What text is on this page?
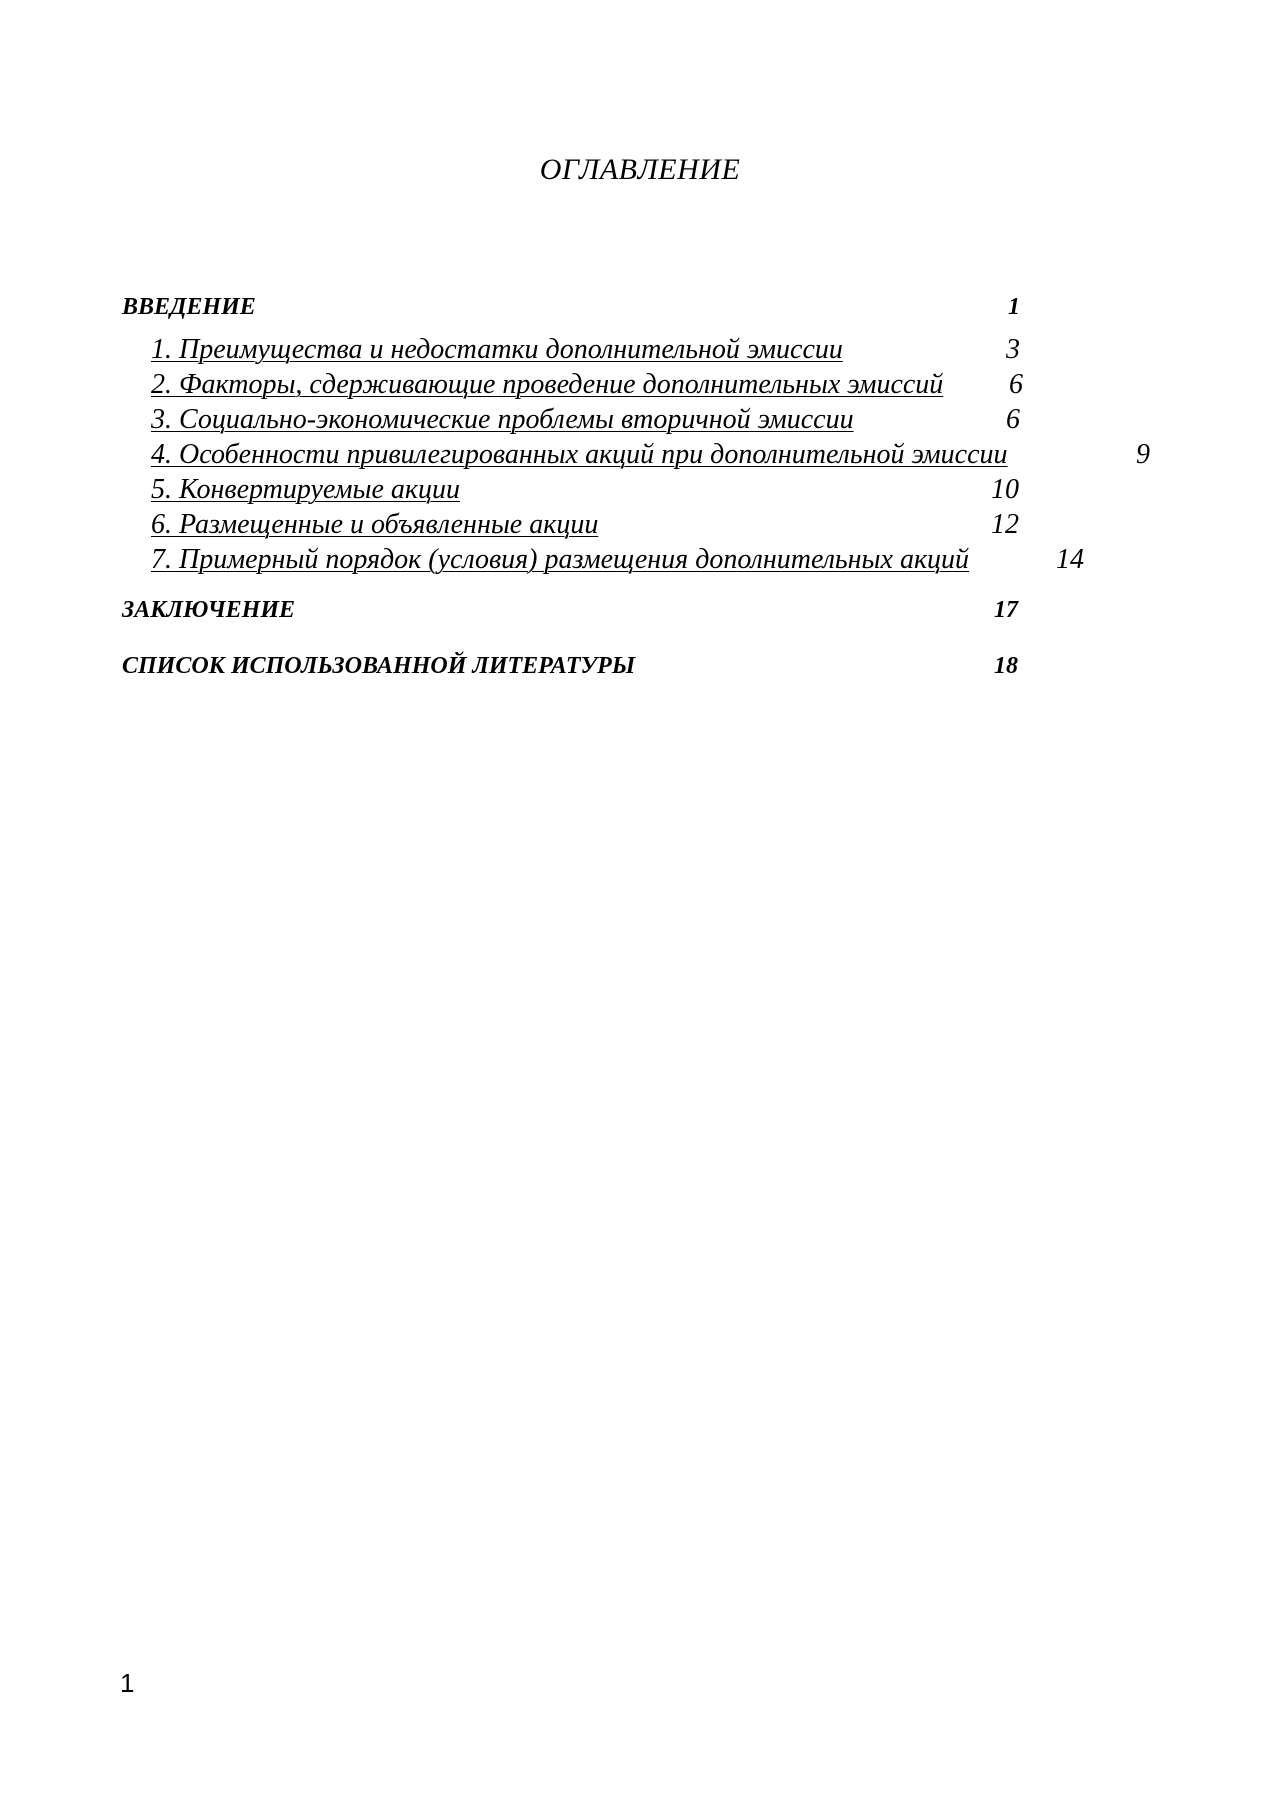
ОГЛАВЛЕНИЕ
ВВЕДЕНИЕ	1
1. Преимущества и недостатки дополнительной эмиссии	3
2. Факторы, сдерживающие проведение дополнительных эмиссий 6
3. Социально-экономические проблемы вторичной эмиссии	6
4. Особенности привилегированных акций при дополнительной эмиссии	9
5. Конвертируемые акции	10
6. Размещенные и объявленные акции	12
7. Примерный порядок (условия) размещения дополнительных акций	14
ЗАКЛЮЧЕНИЕ	17
СПИСОК ИСПОЛЬЗОВАННОЙ ЛИТЕРАТУРЫ	18
1
